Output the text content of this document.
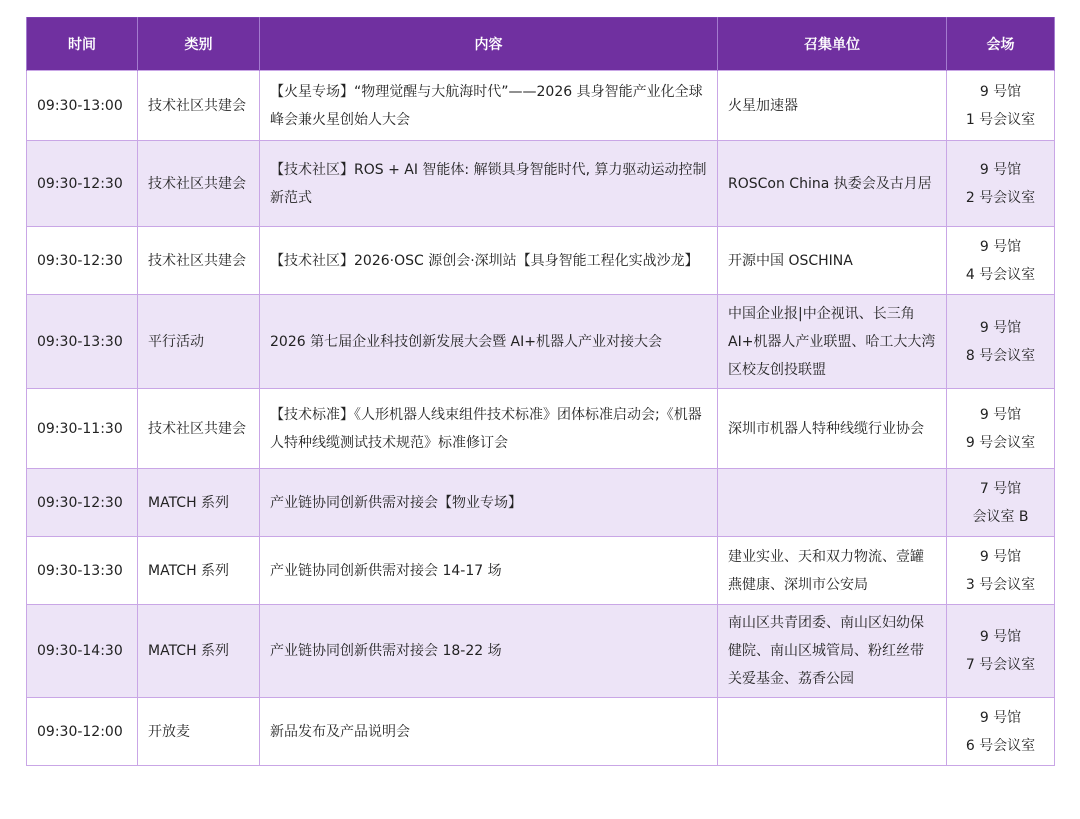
时间	类别	内容	召集单位	会场
09:30-13:00	技术社区共建会	【火星专场】“物理觉醒与大航海时代”——2026 具身智能产业化全球峰会兼火星创始人大会	火星加速器	9 号馆
1 号会议室

09:30-12:30	技术社区共建会	【技术社区】ROS + AI 智能体: 解锁具身智能时代, 算力驱动运动控制新范式	ROSCon China 执委会及古月居	9 号馆
2 号会议室

09:30-12:30	技术社区共建会	【技术社区】2026·OSC 源创会·深圳站【具身智能工程化实战沙龙】	开源中国 OSCHINA	9 号馆
4 号会议室

09:30-13:30	平行活动	2026 第七届企业科技创新发展大会暨 AI+机器人产业对接大会	中国企业报|中企视讯、长三角 AI+机器人产业联盟、哈工大大湾区校友创投联盟	9 号馆
8 号会议室

09:30-11:30	技术社区共建会	【技术标准】《人形机器人线束组件技术标准》团体标准启动会;《机器人特种线缆测试技术规范》标准修订会	深圳市机器人特种线缆行业协会	9 号馆
9 号会议室

09:30-12:30	MATCH 系列	产业链协同创新供需对接会【物业专场】		7 号馆
会议室 B

09:30-13:30	MATCH 系列	产业链协同创新供需对接会 14-17 场	建业实业、天和双力物流、壹罐燕健康、深圳市公安局	9 号馆
3 号会议室

09:30-14:30	MATCH 系列	产业链协同创新供需对接会 18-22 场	南山区共青团委、南山区妇幼保健院、南山区城管局、粉红丝带关爱基金、荔香公园	9 号馆
7 号会议室

09:30-12:00	开放麦	新品发布及产品说明会		9 号馆
6 号会议室
